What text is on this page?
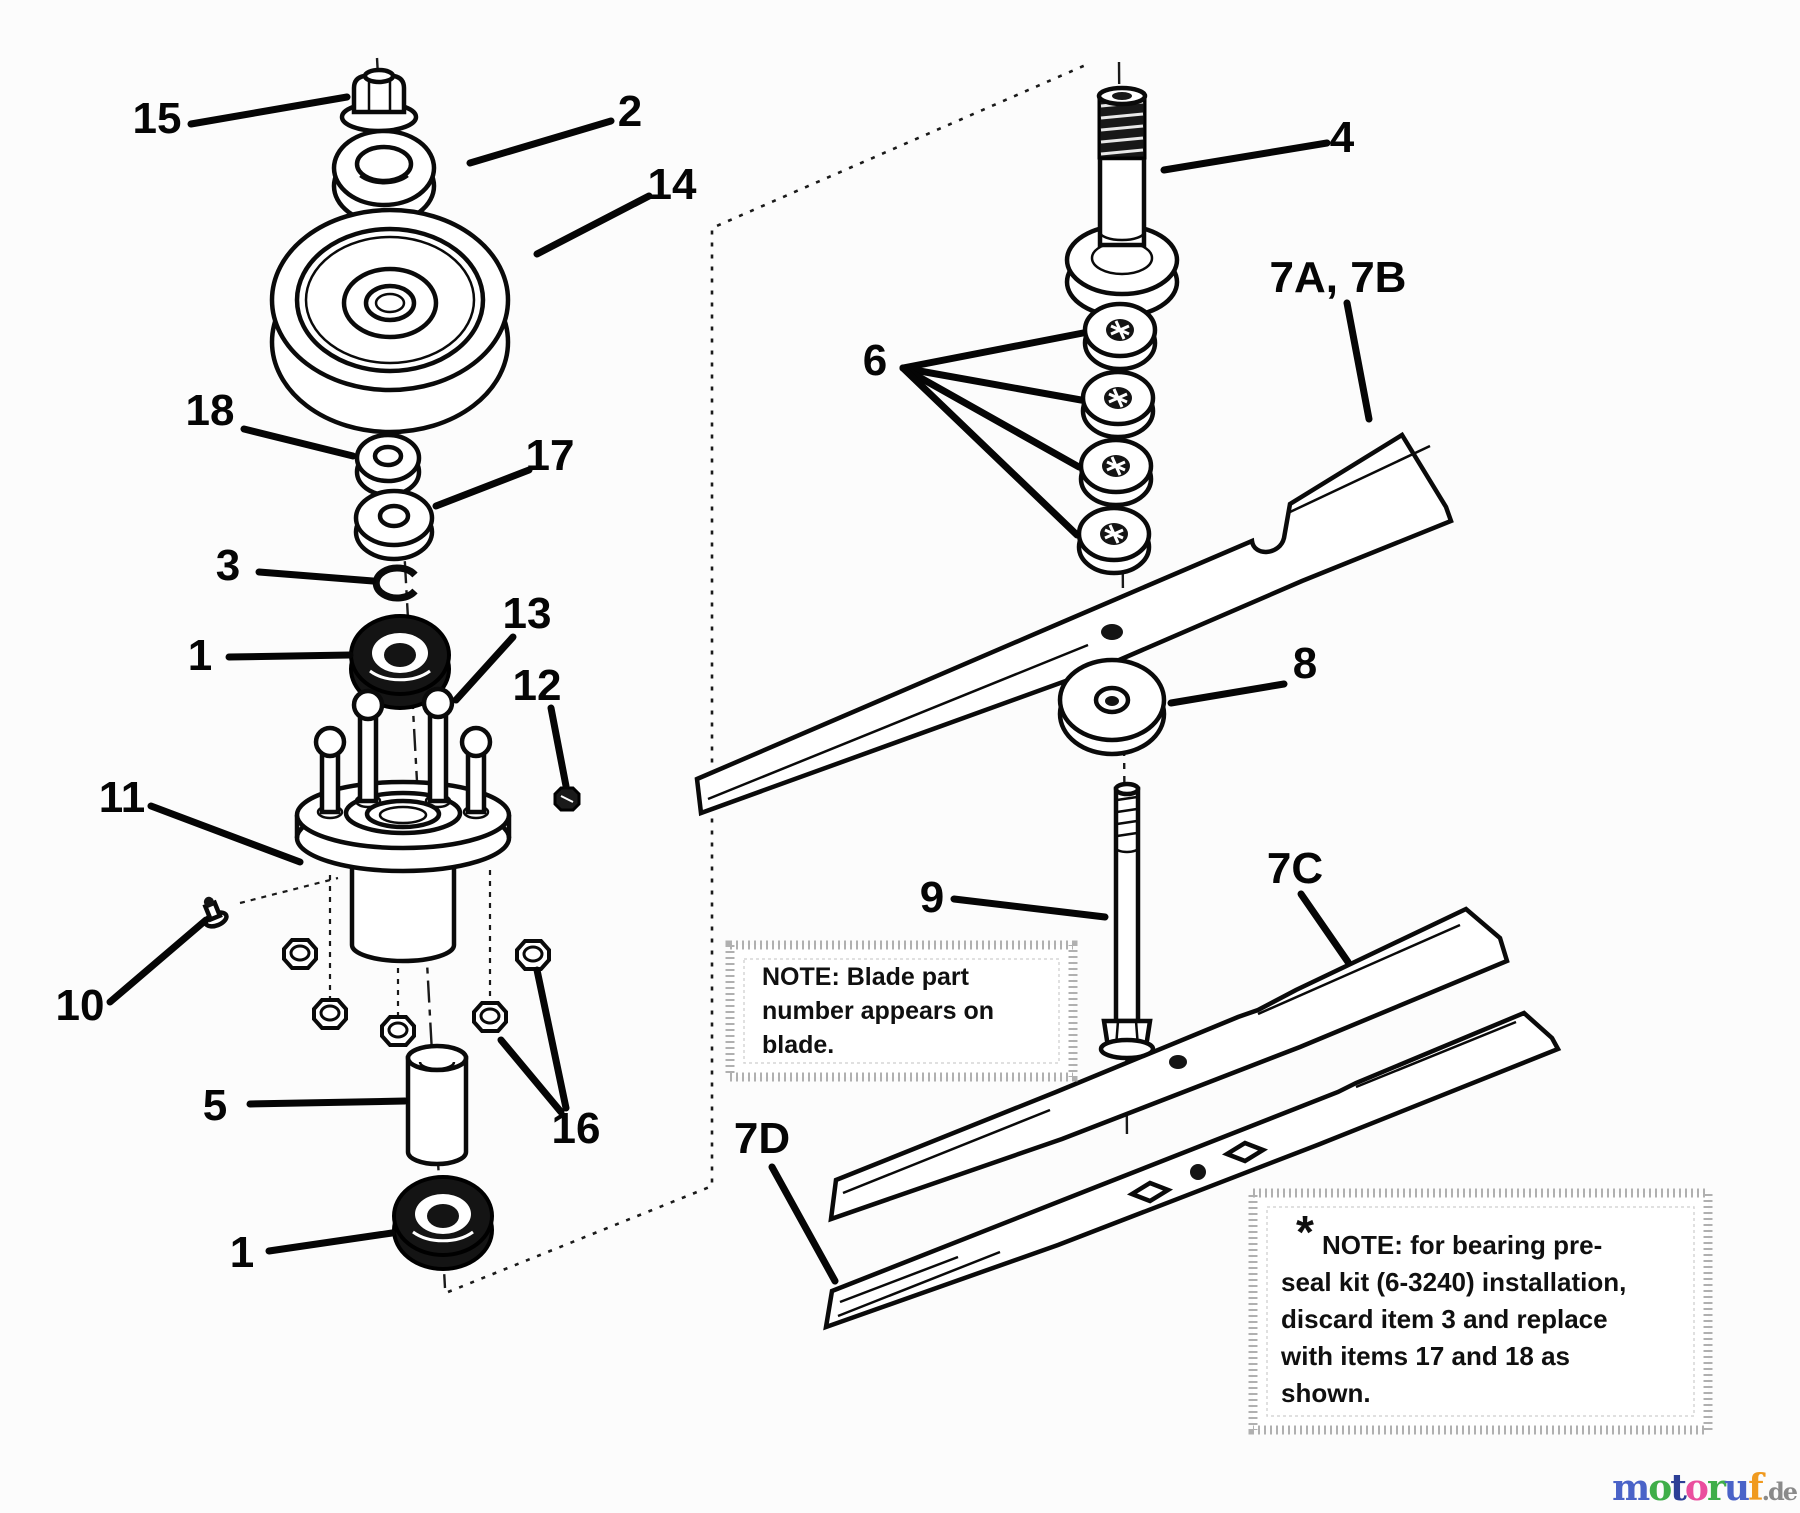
15	2
14
18
17
3
1
13
12
11
10
5	16
1
4
7A, 7B
6
8
9
7C
7D
NOTE: Blade part
number appears on
blade.
* NOTE: for bearing pre-
seal kit (6-3240) installation,
discard item 3 and replace
with items 17 and 18 as
shown.
motoruf.de
